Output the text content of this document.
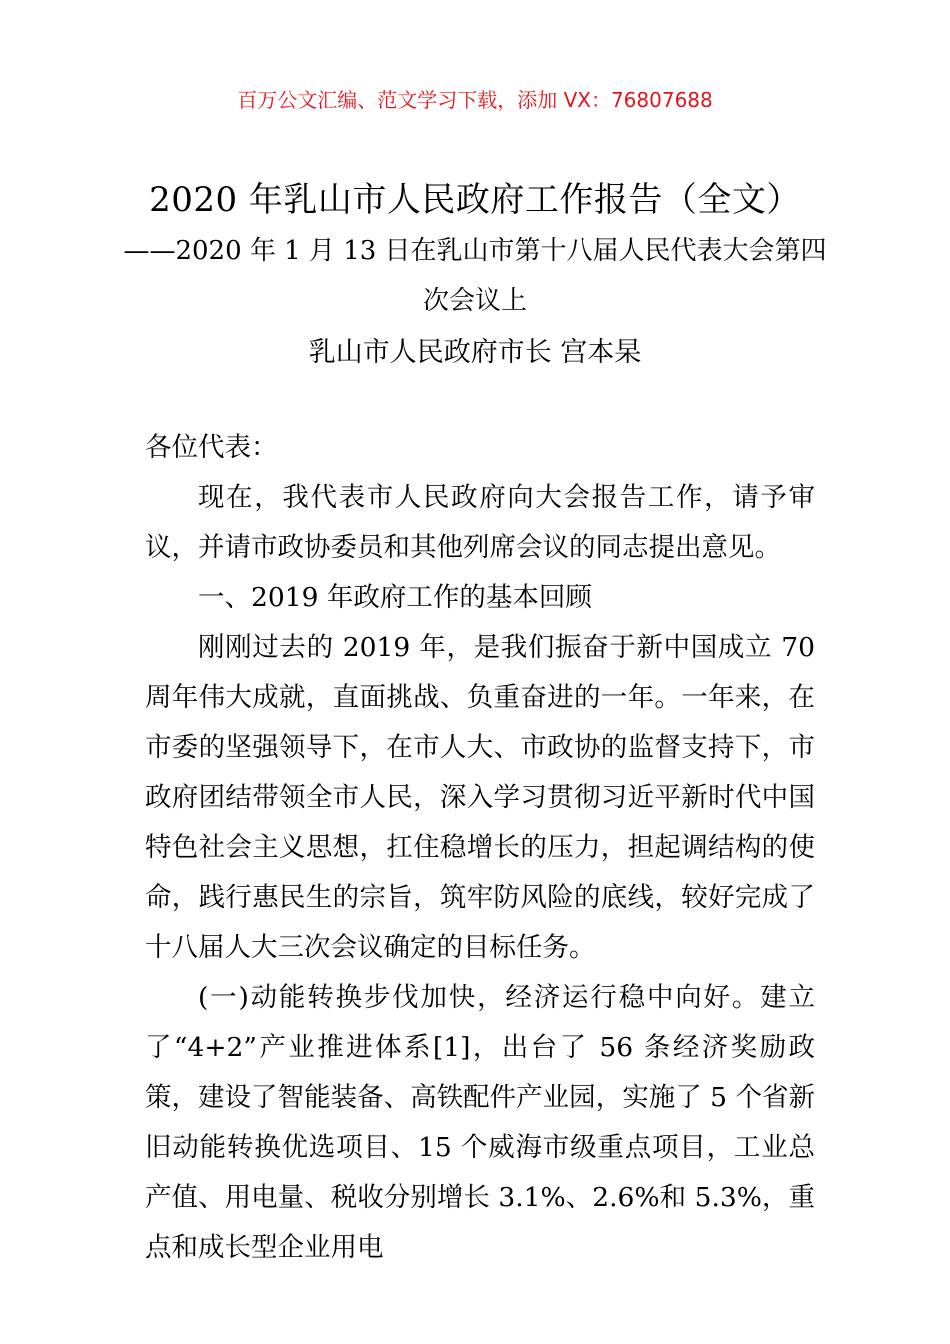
百万公文汇编、范文学习下载，添加 VX：76807688
2020 年乳山市人民政府工作报告（全文）
——2020 年 1 月 13 日在乳山市第十八届人民代表大会第四
次会议上
乳山市人民政府市长 宫本杲

各位代表：

现在，我代表市人民政府向大会报告工作，请予审议，并请市政协委员和其他列席会议的同志提出意见。

一、2019 年政府工作的基本回顾

刚刚过去的 2019 年，是我们振奋于新中国成立 70 周年伟大成就，直面挑战、负重奋进的一年。一年来，在市委的坚强领导下，在市人大、市政协的监督支持下，市政府团结带领全市人民，深入学习贯彻习近平新时代中国特色社会主义思想，扛住稳增长的压力，担起调结构的使命，践行惠民生的宗旨，筑牢防风险的底线，较好完成了十八届人大三次会议确定的目标任务。

(一)动能转换步伐加快，经济运行稳中向好。建立了“4+2”产业推进体系[1]，出台了 56 条经济奖励政策，建设了智能装备、高铁配件产业园，实施了 5 个省新旧动能转换优选项目、15 个威海市级重点项目，工业总产值、用电量、税收分别增长 3.1%、2.6%和 5.3%，重点和成长型企业用电
